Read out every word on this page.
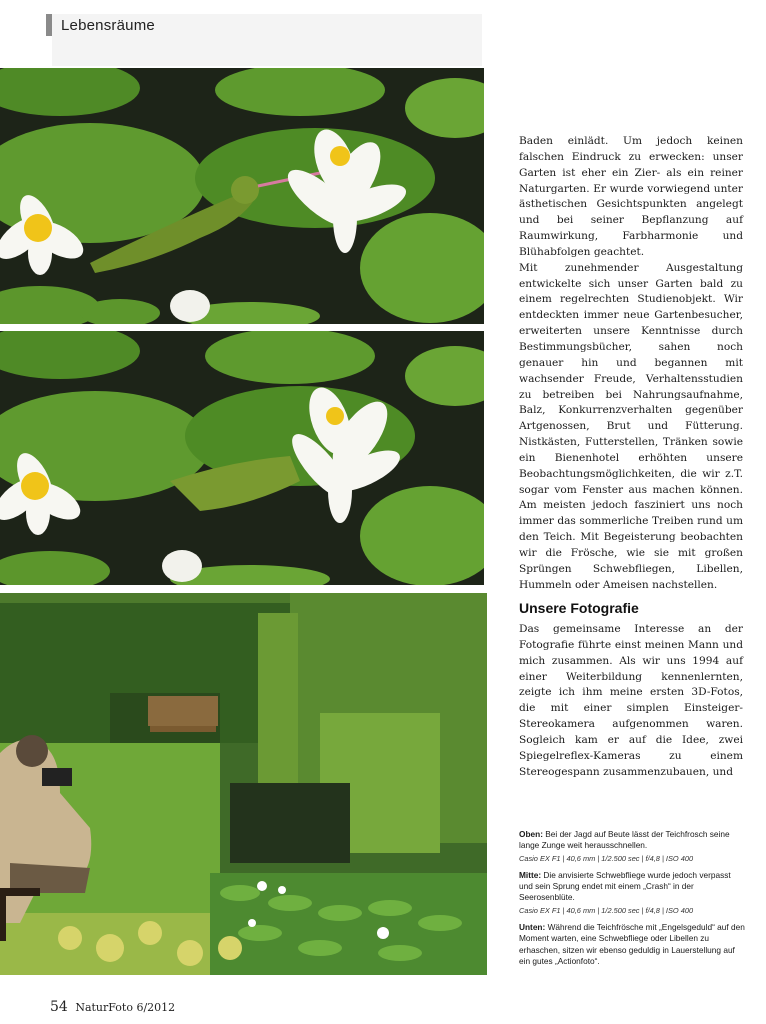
Lebensräume

Baden einlädt. Um jedoch keinen falschen Eindruck zu erwecken: unser Garten ist eher ein Zier- als ein reiner Naturgarten. Er wurde vorwiegend unter ästhetischen Gesichtspunkten angelegt und bei seiner Bepflanzung auf Raumwirkung, Farbharmonie und Blühabfolgen geachtet.

Mit zunehmender Ausgestaltung entwickelte sich unser Garten bald zu einem regelrechten Studienobjekt. Wir entdeckten immer neue Gartenbesucher, erweiterten unsere Kenntnisse durch Bestimmungsbücher, sahen noch genauer hin und begannen mit wachsender Freude, Verhaltensstudien zu betreiben bei Nahrungsaufnahme, Balz, Konkurrenzverhalten gegenüber Artgenossen, Brut und Fütterung. Nistkästen, Futterstellen, Tränken sowie ein Bienenhotel erhöhten unsere Beobachtungsmöglichkeiten, die wir z.T. sogar vom Fenster aus machen können. Am meisten jedoch fasziniert uns noch immer das sommerliche Treiben rund um den Teich. Mit Begeisterung beobachten wir die Frösche, wie sie mit großen Sprüngen Schwebfliegen, Libellen, Hummeln oder Ameisen nachstellen.

Unsere Fotografie

Das gemeinsame Interesse an der Fotografie führte einst meinen Mann und mich zusammen. Als wir uns 1994 auf einer Weiterbildung kennenlernten, zeigte ich ihm meine ersten 3D-Fotos, die mit einer simplen Einsteiger-Stereokamera aufgenommen waren. Sogleich kam er auf die Idee, zwei Spiegelreflex-Kameras zu einem Stereogespann zusammenzubauen, und

Oben: Bei der Jagd auf Beute lässt der Teichfrosch seine lange Zunge weit herausschnellen.
Casio EX F1 | 40,6 mm | 1/2.500 sec | f/4,8 | ISO 400
Mitte: Die anvisierte Schwebfliege wurde jedoch verpasst und sein Sprung endet mit einem „Crash“ in der Seerosenblüte.
Casio EX F1 | 40,6 mm | 1/2.500 sec | f/4,8 | ISO 400
Unten: Während die Teichfrösche mit „Engelsgeduld“ auf den Moment warten, eine Schwebfliege oder Libellen zu erhaschen, sitzen wir ebenso geduldig in Lauerstellung auf ein gutes „Actionfoto“.
54 NaturFoto 6/2012
